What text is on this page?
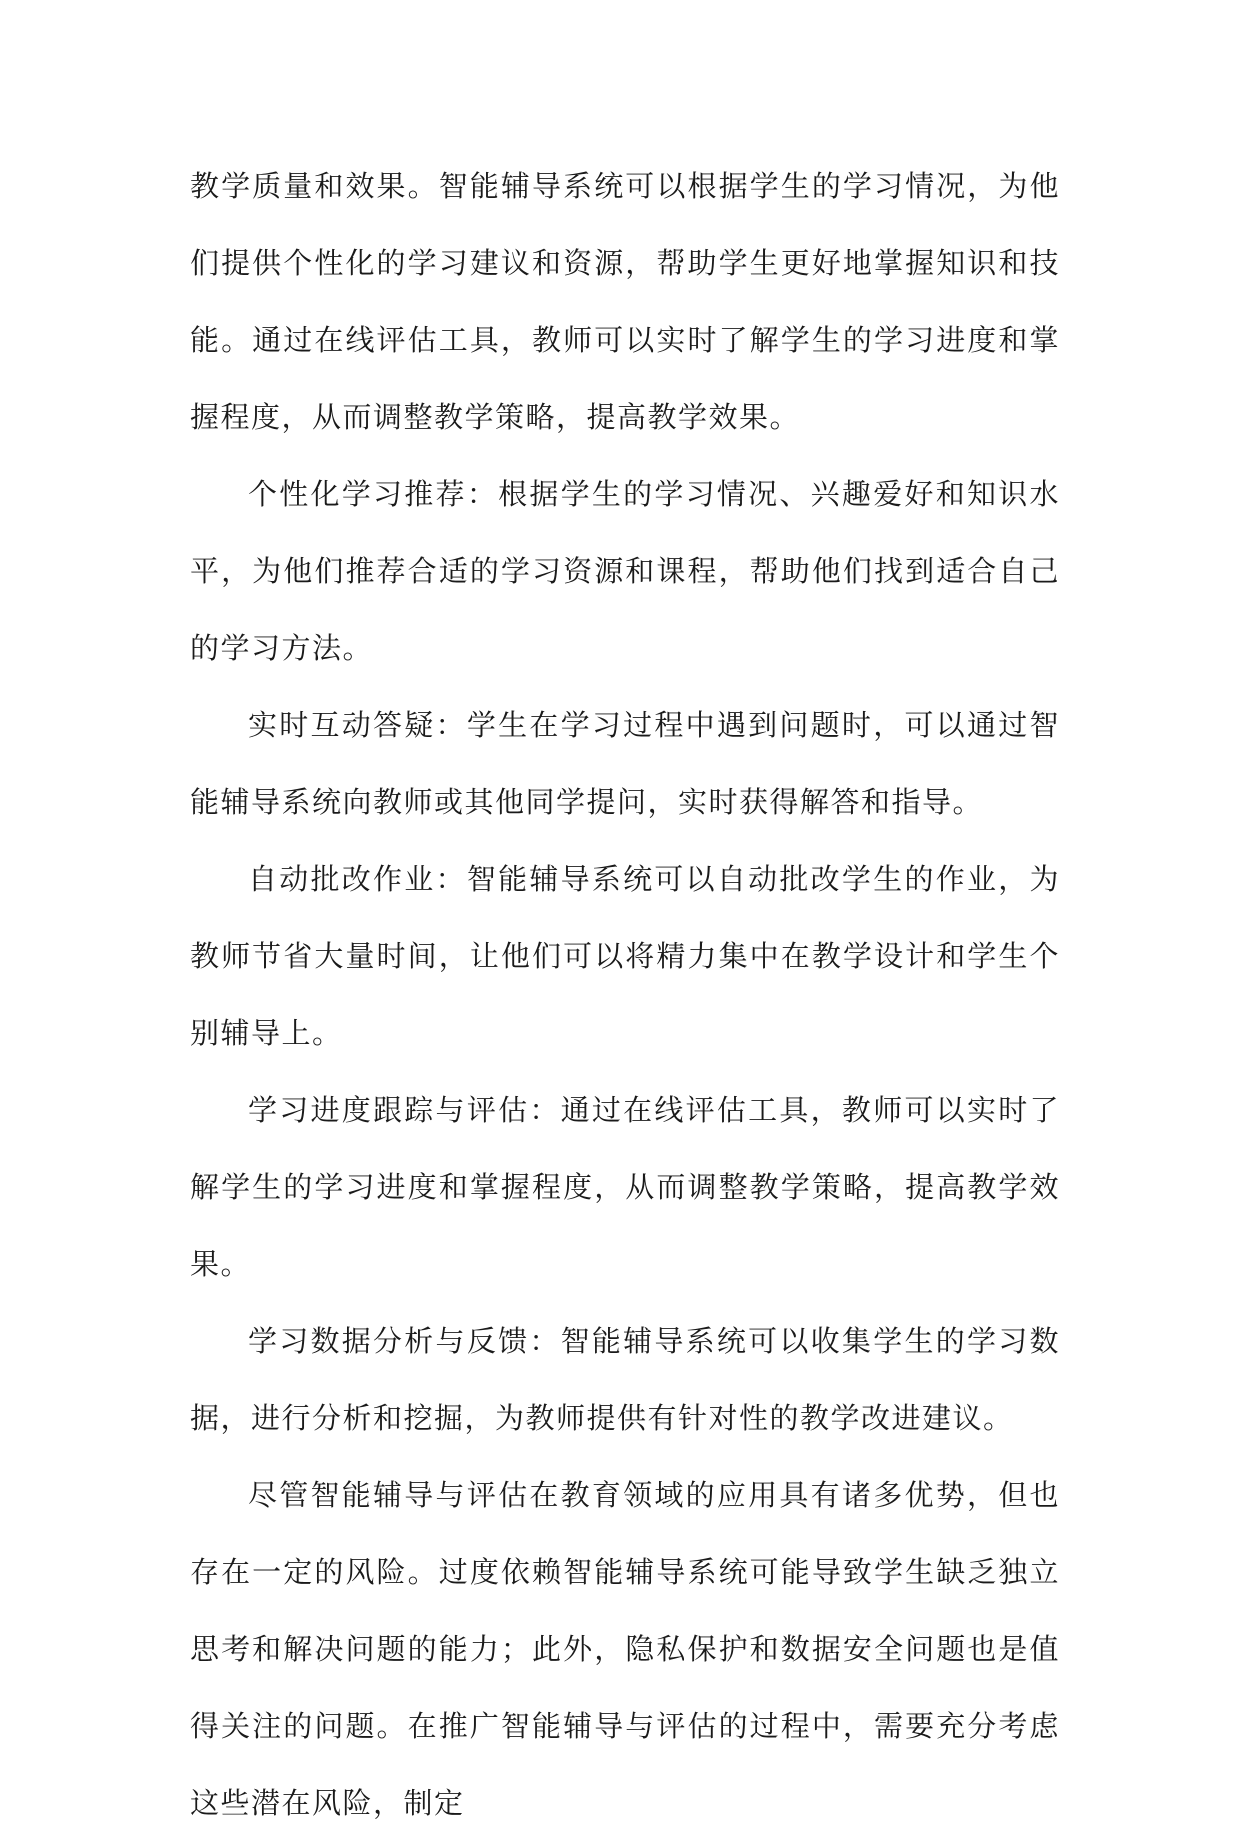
教学质量和效果。智能辅导系统可以根据学生的学习情况，为他们提供个性化的学习建议和资源，帮助学生更好地掌握知识和技能。通过在线评估工具，教师可以实时了解学生的学习进度和掌握程度，从而调整教学策略，提高教学效果。

个性化学习推荐：根据学生的学习情况、兴趣爱好和知识水平，为他们推荐合适的学习资源和课程，帮助他们找到适合自己的学习方法。

实时互动答疑：学生在学习过程中遇到问题时，可以通过智能辅导系统向教师或其他同学提问，实时获得解答和指导。

自动批改作业：智能辅导系统可以自动批改学生的作业，为教师节省大量时间，让他们可以将精力集中在教学设计和学生个别辅导上。

学习进度跟踪与评估：通过在线评估工具，教师可以实时了解学生的学习进度和掌握程度，从而调整教学策略，提高教学效果。

学习数据分析与反馈：智能辅导系统可以收集学生的学习数据，进行分析和挖掘，为教师提供有针对性的教学改进建议。

尽管智能辅导与评估在教育领域的应用具有诸多优势，但也存在一定的风险。过度依赖智能辅导系统可能导致学生缺乏独立思考和解决问题的能力；此外，隐私保护和数据安全问题也是值得关注的问题。在推广智能辅导与评估的过程中，需要充分考虑这些潜在风险，制定
